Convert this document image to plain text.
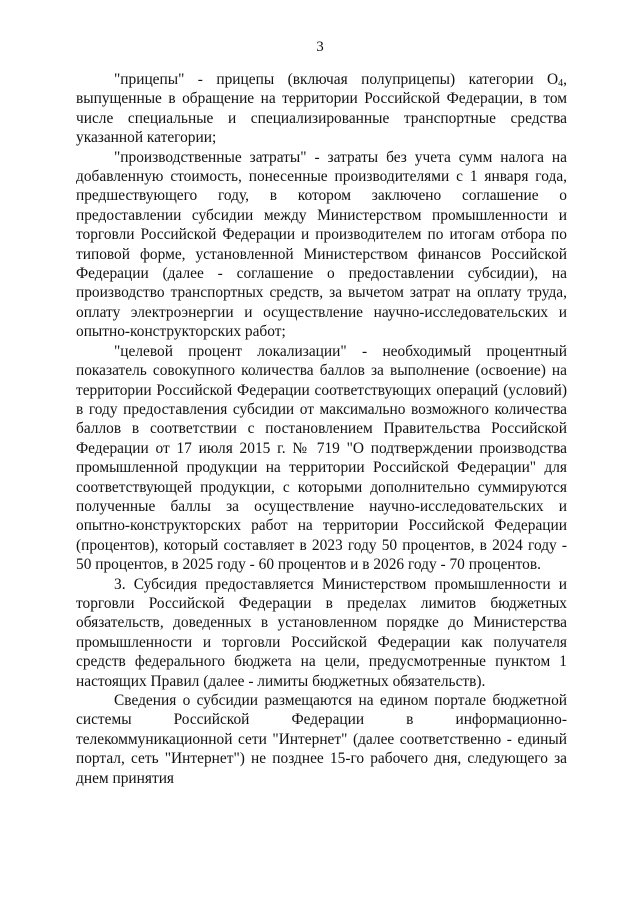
3

"прицепы" - прицепы (включая полуприцепы) категории $O_4$, выпущенные в обращение на территории Российской Федерации, в том числе специальные и специализированные транспортные средства указанной категории;

"производственные затраты" - затраты без учета сумм налога на добавленную стоимость, понесенные производителями с 1 января года, предшествующего году, в котором заключено соглашение о предоставлении субсидии между Министерством промышленности и торговли Российской Федерации и производителем по итогам отбора по типовой форме, установленной Министерством финансов Российской Федерации (далее - соглашение о предоставлении субсидии), на производство транспортных средств, за вычетом затрат на оплату труда, оплату электроэнергии и осуществление научно-исследовательских и опытно-конструкторских работ;

"целевой процент локализации" - необходимый процентный показатель совокупного количества баллов за выполнение (освоение) на территории Российской Федерации соответствующих операций (условий) в году предоставления субсидии от максимально возможного количества баллов в соответствии с постановлением Правительства Российской Федерации от 17 июля 2015 г. № 719 "О подтверждении производства промышленной продукции на территории Российской Федерации" для соответствующей продукции, с которыми дополнительно суммируются полученные баллы за осуществление научно-исследовательских и опытно-конструкторских работ на территории Российской Федерации (процентов), который составляет в 2023 году 50 процентов, в 2024 году - 50 процентов, в 2025 году - 60 процентов и в 2026 году - 70 процентов.

3. Субсидия предоставляется Министерством промышленности и торговли Российской Федерации в пределах лимитов бюджетных обязательств, доведенных в установленном порядке до Министерства промышленности и торговли Российской Федерации как получателя средств федерального бюджета на цели, предусмотренные пунктом 1 настоящих Правил (далее - лимиты бюджетных обязательств).

Сведения о субсидии размещаются на едином портале бюджетной системы Российской Федерации в информационно-телекоммуникационной сети "Интернет" (далее соответственно - единый портал, сеть "Интернет") не позднее 15-го рабочего дня, следующего за днем принятия
